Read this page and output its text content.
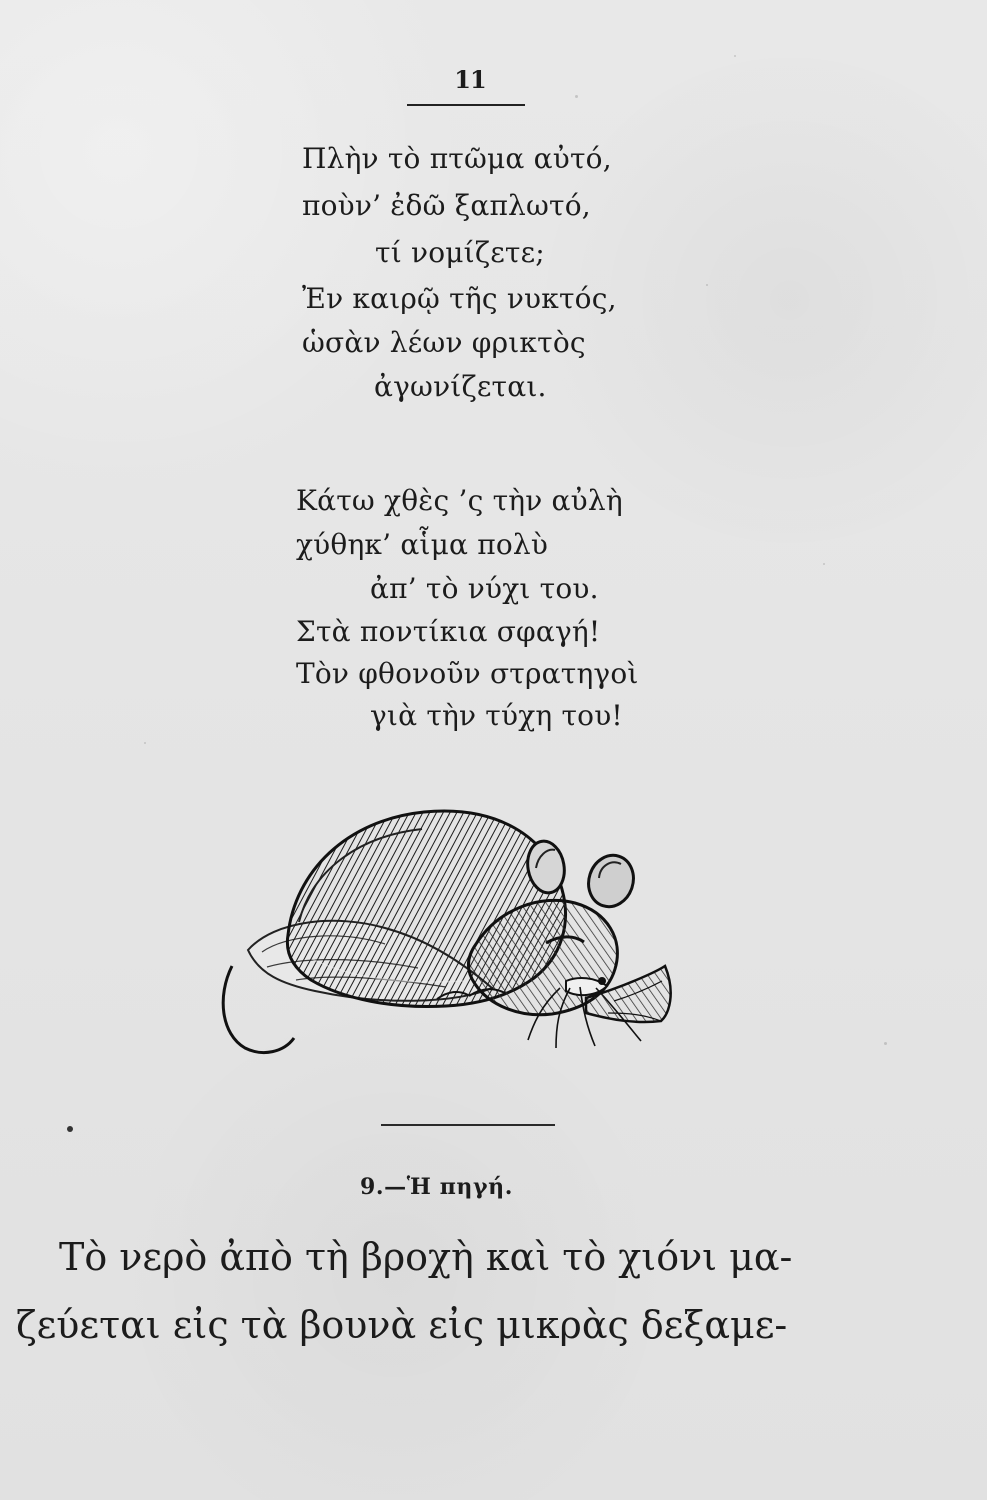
11
Πλὴν τὸ πτῶμα αὐτό,
ποὺν’ ἐδῶ ξαπλωτό,
τί νομίζετε;
Ἐν καιρῷ τῆς νυκτός,
ὡσὰν λέων φρικτὸς
ἀγωνίζεται.
Κάτω χθὲς ’ς τὴν αὐλὴ
χύθηκ’ αἷμα πολὺ
ἀπ’ τὸ νύχι του.
Στὰ ποντίκια σφαγή!
Τὸν φθονοῦν στρατηγοὶ
γιὰ τὴν τύχη του!
9.—Ἡ πηγή.
Τὸ νερὸ ἀπὸ τὴ βροχὴ καὶ τὸ χιόνι μα-
ζεύεται εἰς τὰ βουνὰ εἰς μικρὰς δεξαμε-
